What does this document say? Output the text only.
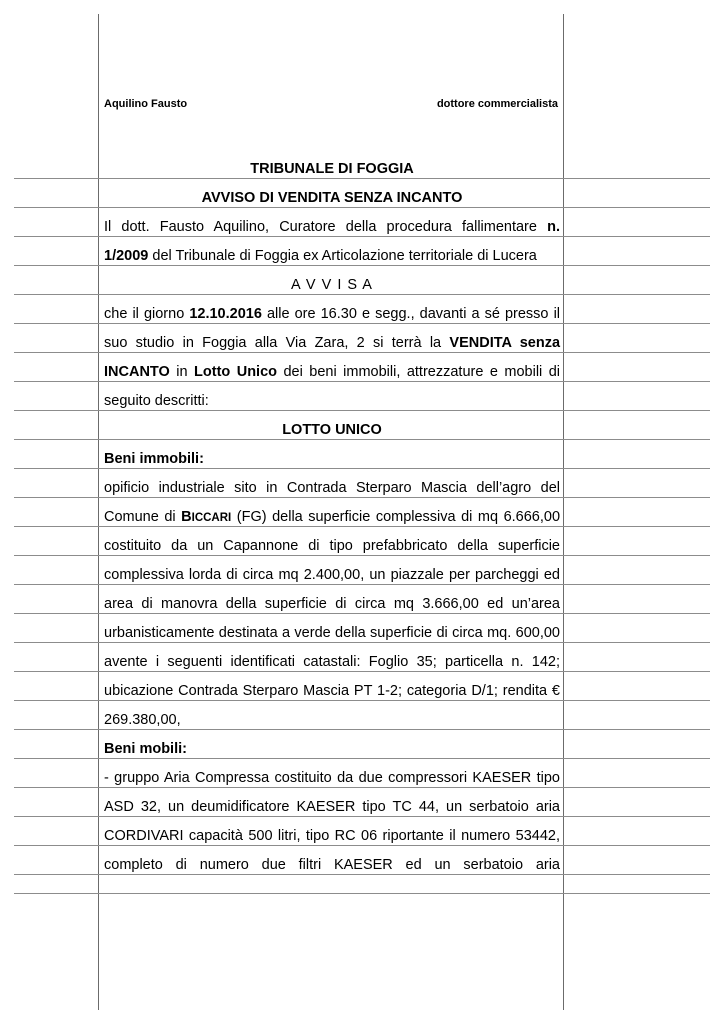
Aquilino Fausto	dottore commercialista
TRIBUNALE DI FOGGIA
AVVISO DI VENDITA SENZA INCANTO
Il dott. Fausto Aquilino, Curatore della procedura fallimentare n.
1/2009 del Tribunale di Foggia ex Articolazione territoriale di Lucera
A V V I S A
che il giorno 12.10.2016 alle ore 16.30 e segg., davanti a sé presso il
suo studio in Foggia alla Via Zara, 2 si terrà la VENDITA senza
INCANTO in Lotto Unico dei beni immobili, attrezzature e mobili di
seguito descritti:
LOTTO UNICO
Beni immobili:
opificio industriale sito in Contrada Sterparo Mascia dell’agro del
Comune di BICCARI (FG) della superficie complessiva di mq 6.666,00
costituito da un Capannone di tipo prefabbricato della superficie
complessiva lorda di circa mq 2.400,00, un piazzale per parcheggi ed
area di manovra della superficie di circa mq 3.666,00 ed un’area
urbanisticamente destinata a verde della superficie di circa mq. 600,00
avente i seguenti identificati catastali: Foglio 35; particella n. 142;
ubicazione Contrada Sterparo Mascia PT 1-2; categoria D/1; rendita €
269.380,00,
Beni mobili:
- gruppo Aria Compressa costituito da due compressori KAESER tipo
ASD 32, un deumidificatore KAESER tipo TC 44, un serbatoio aria
CORDIVARI capacità 500 litri, tipo RC 06 riportante il numero 53442,
completo di numero due filtri KAESER ed un serbatoio aria
